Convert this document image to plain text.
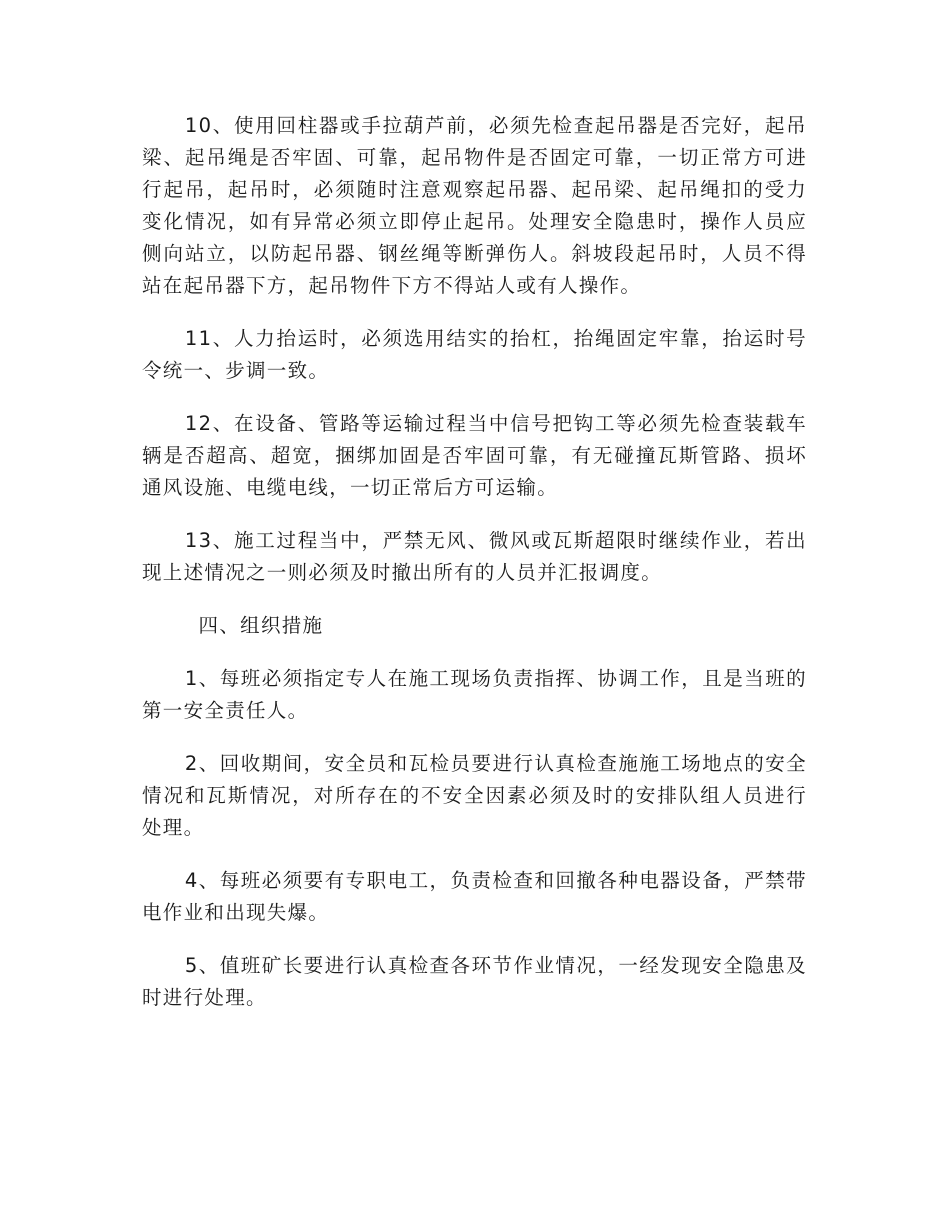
10、使用回柱器或手拉葫芦前，必须先检查起吊器是否完好，起吊梁、起吊绳是否牢固、可靠，起吊物件是否固定可靠，一切正常方可进行起吊，起吊时，必须随时注意观察起吊器、起吊梁、起吊绳扣的受力变化情况，如有异常必须立即停止起吊。处理安全隐患时，操作人员应侧向站立，以防起吊器、钢丝绳等断弹伤人。斜坡段起吊时，人员不得站在起吊器下方，起吊物件下方不得站人或有人操作。

11、人力抬运时，必须选用结实的抬杠，抬绳固定牢靠，抬运时号令统一、步调一致。

12、在设备、管路等运输过程当中信号把钩工等必须先检查装载车辆是否超高、超宽，捆绑加固是否牢固可靠，有无碰撞瓦斯管路、损坏通风设施、电缆电线，一切正常后方可运输。

13、施工过程当中，严禁无风、微风或瓦斯超限时继续作业，若出现上述情况之一则必须及时撤出所有的人员并汇报调度。

四、组织措施

1、每班必须指定专人在施工现场负责指挥、协调工作，且是当班的第一安全责任人。

2、回收期间，安全员和瓦检员要进行认真检查施施工场地点的安全情况和瓦斯情况，对所存在的不安全因素必须及时的安排队组人员进行处理。

4、每班必须要有专职电工，负责检查和回撤各种电器设备，严禁带电作业和出现失爆。

5、值班矿长要进行认真检查各环节作业情况，一经发现安全隐患及时进行处理。
